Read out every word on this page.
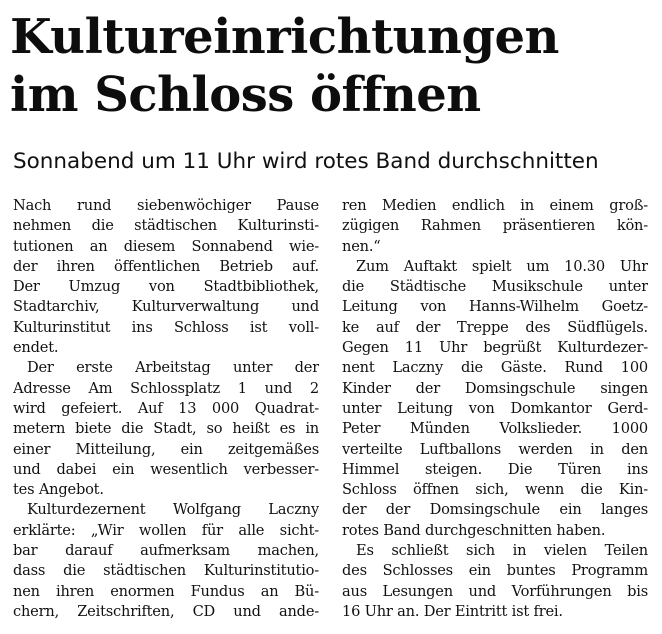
Kultureinrichtungen
im Schloss öffnen
Sonnabend um 11 Uhr wird rotes Band durchschnitten
Nach rund siebenwöchiger Pause
nehmen die städtischen Kulturinsti-
tutionen an diesem Sonnabend wie-
der ihren öffentlichen Betrieb auf.
Der Umzug von Stadtbibliothek,
Stadtarchiv, Kulturverwaltung und
Kulturinstitut ins Schloss ist voll-
endet.
Der erste Arbeitstag unter der
Adresse Am Schlossplatz 1 und 2
wird gefeiert. Auf 13 000 Quadrat-
metern biete die Stadt, so heißt es in
einer Mitteilung, ein zeitgemäßes
und dabei ein wesentlich verbesser-
tes Angebot.
Kulturdezernent Wolfgang Laczny
erklärte: „Wir wollen für alle sicht-
bar darauf aufmerksam machen,
dass die städtischen Kulturinstitutio-
nen ihren enormen Fundus an Bü-
chern, Zeitschriften, CD und ande-
ren Medien endlich in einem groß-
zügigen Rahmen präsentieren kön-
nen.“
Zum Auftakt spielt um 10.30 Uhr
die Städtische Musikschule unter
Leitung von Hanns-Wilhelm Goetz-
ke auf der Treppe des Südflügels.
Gegen 11 Uhr begrüßt Kulturdezer-
nent Laczny die Gäste. Rund 100
Kinder der Domsingschule singen
unter Leitung von Domkantor Gerd-
Peter Münden Volkslieder. 1000
verteilte Luftballons werden in den
Himmel steigen. Die Türen ins
Schloss öffnen sich, wenn die Kin-
der der Domsingschule ein langes
rotes Band durchgeschnitten haben.
Es schließt sich in vielen Teilen
des Schlosses ein buntes Programm
aus Lesungen und Vorführungen bis
16 Uhr an. Der Eintritt ist frei.
